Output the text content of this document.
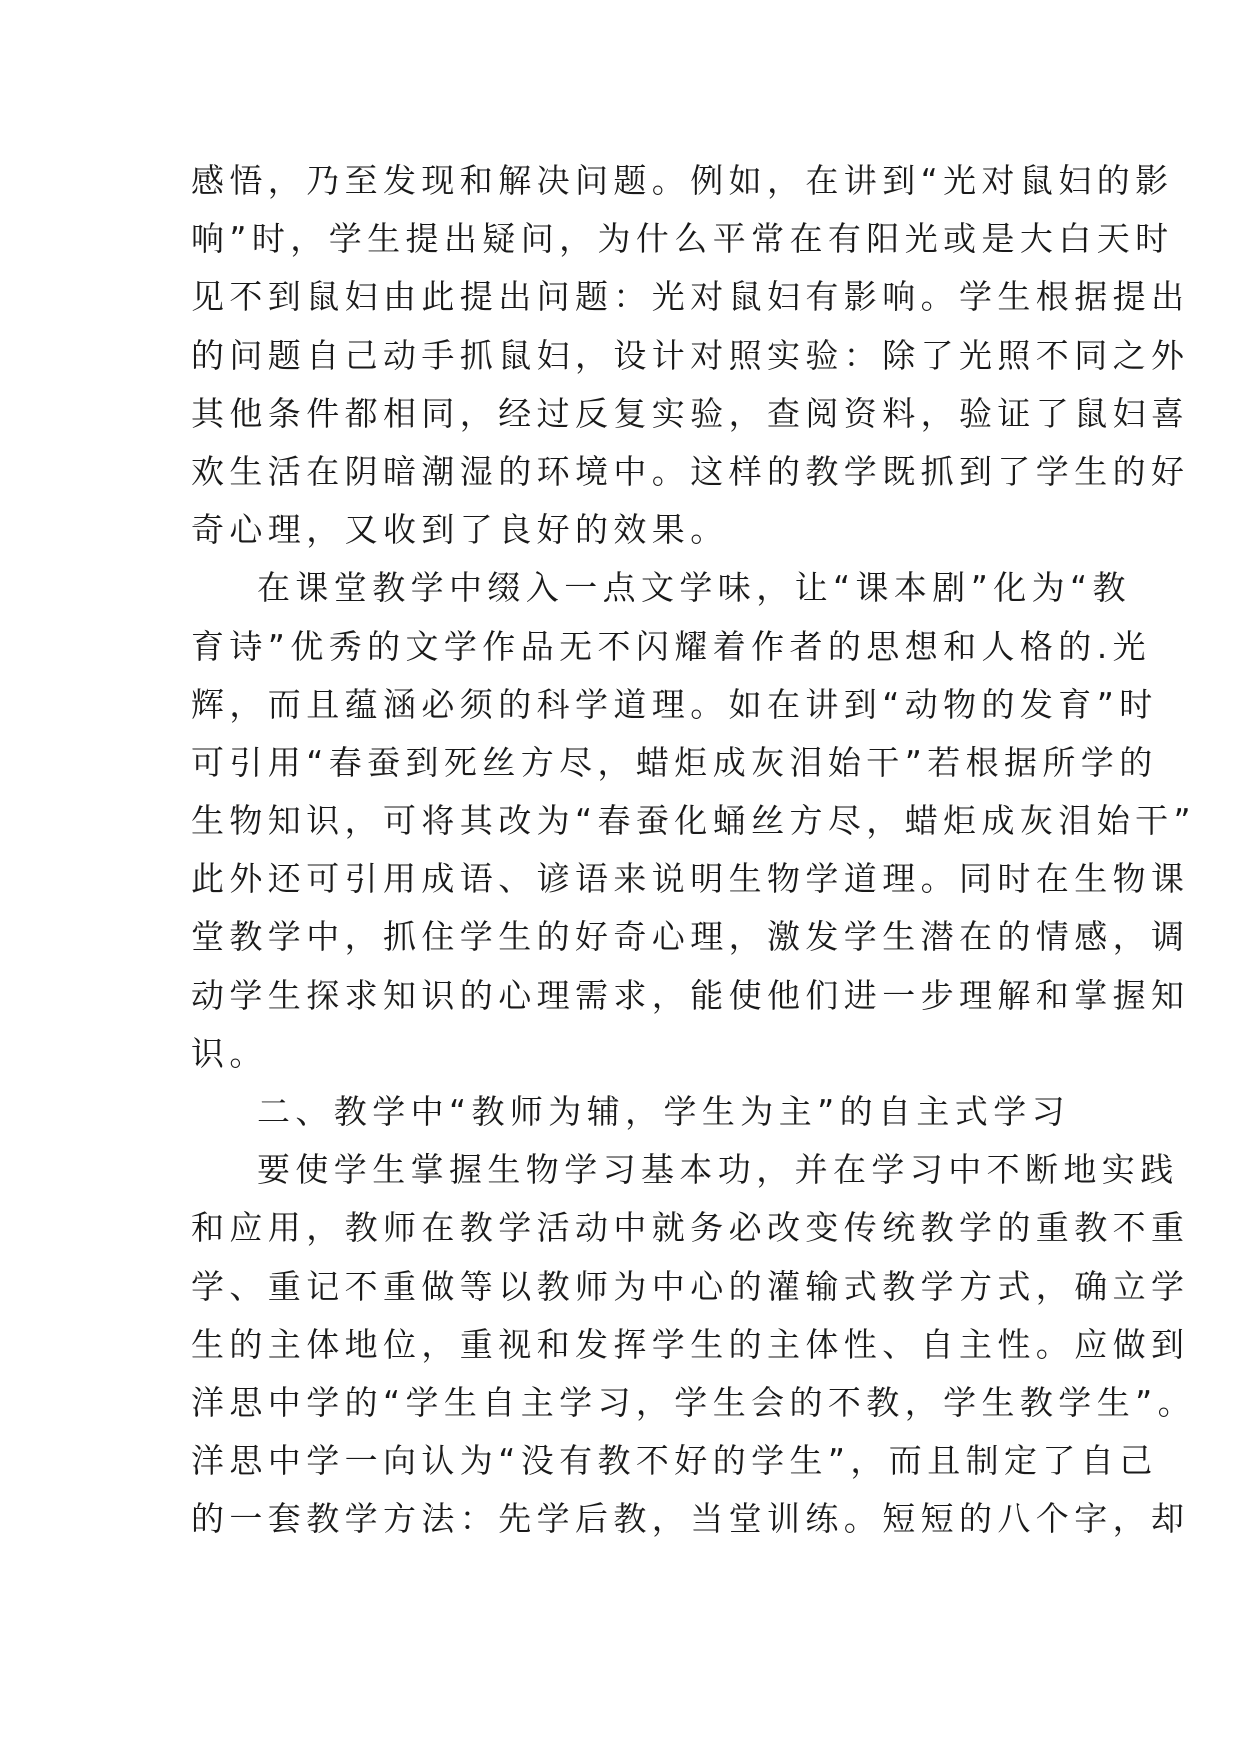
感悟，乃至发现和解决问题。例如，在讲到“光对鼠妇的影
响”时，学生提出疑问，为什么平常在有阳光或是大白天时
见不到鼠妇由此提出问题：光对鼠妇有影响。学生根据提出
的问题自己动手抓鼠妇，设计对照实验：除了光照不同之外
其他条件都相同，经过反复实验，查阅资料，验证了鼠妇喜
欢生活在阴暗潮湿的环境中。这样的教学既抓到了学生的好
奇心理，又收到了良好的效果。
在课堂教学中缀入一点文学味，让“课本剧”化为“教
育诗”优秀的文学作品无不闪耀着作者的思想和人格的.光
辉，而且蕴涵必须的科学道理。如在讲到“动物的发育”时
可引用“春蚕到死丝方尽，蜡炬成灰泪始干”若根据所学的
生物知识，可将其改为“春蚕化蛹丝方尽，蜡炬成灰泪始干”
此外还可引用成语、谚语来说明生物学道理。同时在生物课
堂教学中，抓住学生的好奇心理，激发学生潜在的情感，调
动学生探求知识的心理需求，能使他们进一步理解和掌握知
识。
二、教学中“教师为辅，学生为主”的自主式学习
要使学生掌握生物学习基本功，并在学习中不断地实践
和应用，教师在教学活动中就务必改变传统教学的重教不重
学、重记不重做等以教师为中心的灌输式教学方式，确立学
生的主体地位，重视和发挥学生的主体性、自主性。应做到
洋思中学的“学生自主学习，学生会的不教，学生教学生”。
洋思中学一向认为“没有教不好的学生”，而且制定了自己
的一套教学方法：先学后教，当堂训练。短短的八个字，却
